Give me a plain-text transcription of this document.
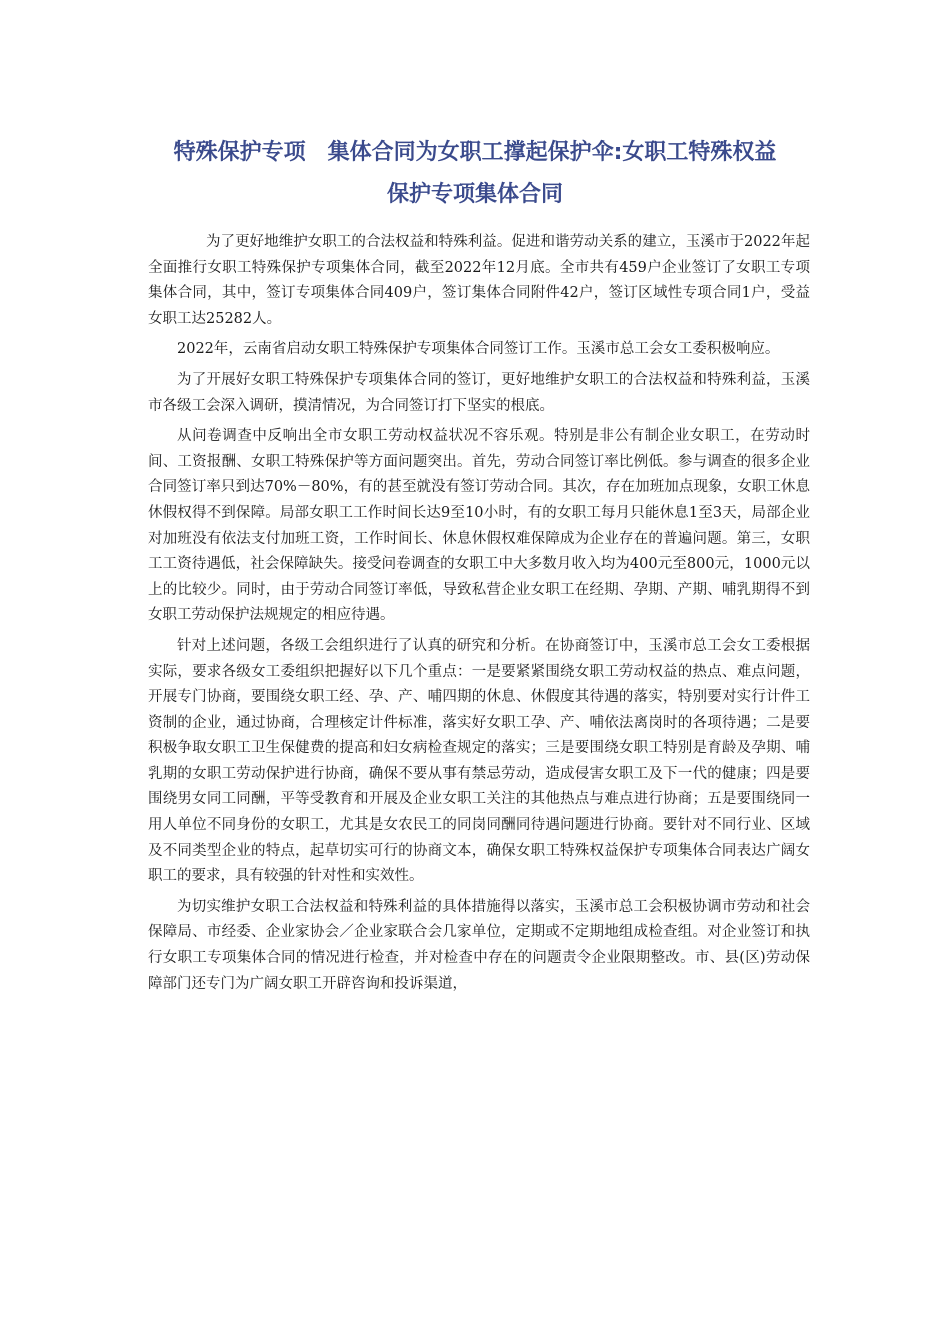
特殊保护专项　集体合同为女职工撑起保护伞:女职工特殊权益
保护专项集体合同

为了更好地维护女职工的合法权益和特殊利益。促进和谐劳动关系的建立，玉溪市于2022年起全面推行女职工特殊保护专项集体合同，截至2022年12月底。全市共有459户企业签订了女职工专项集体合同，其中，签订专项集体合同409户，签订集体合同附件42户，签订区域性专项合同1户，受益女职工达25282人。

2022年，云南省启动女职工特殊保护专项集体合同签订工作。玉溪市总工会女工委积极响应。

为了开展好女职工特殊保护专项集体合同的签订，更好地维护女职工的合法权益和特殊利益，玉溪市各级工会深入调研，摸清情况，为合同签订打下坚实的根底。

从问卷调查中反响出全市女职工劳动权益状况不容乐观。特别是非公有制企业女职工，在劳动时间、工资报酬、女职工特殊保护等方面问题突出。首先，劳动合同签订率比例低。参与调查的很多企业合同签订率只到达70%－80%，有的甚至就没有签订劳动合同。其次，存在加班加点现象，女职工休息休假权得不到保障。局部女职工工作时间长达9至10小时，有的女职工每月只能休息1至3天，局部企业对加班没有依法支付加班工资，工作时间长、休息休假权难保障成为企业存在的普遍问题。第三，女职工工资待遇低，社会保障缺失。接受问卷调查的女职工中大多数月收入均为400元至800元，1000元以上的比较少。同时，由于劳动合同签订率低，导致私营企业女职工在经期、孕期、产期、哺乳期得不到女职工劳动保护法规规定的相应待遇。

针对上述问题，各级工会组织进行了认真的研究和分析。在协商签订中，玉溪市总工会女工委根据实际，要求各级女工委组织把握好以下几个重点：一是要紧紧围绕女职工劳动权益的热点、难点问题，开展专门协商，要围绕女职工经、孕、产、哺四期的休息、休假度其待遇的落实，特别要对实行计件工资制的企业，通过协商，合理核定计件标准，落实好女职工孕、产、哺依法离岗时的各项待遇；二是要积极争取女职工卫生保健费的提高和妇女病检查规定的落实；三是要围绕女职工特别是育龄及孕期、哺乳期的女职工劳动保护进行协商，确保不要从事有禁忌劳动，造成侵害女职工及下一代的健康；四是要围绕男女同工同酬，平等受教育和开展及企业女职工关注的其他热点与难点进行协商；五是要围绕同一用人单位不同身份的女职工，尤其是女农民工的同岗同酬同待遇问题进行协商。要针对不同行业、区域及不同类型企业的特点，起草切实可行的协商文本，确保女职工特殊权益保护专项集体合同表达广阔女职工的要求，具有较强的针对性和实效性。

为切实维护女职工合法权益和特殊利益的具体措施得以落实，玉溪市总工会积极协调市劳动和社会保障局、市经委、企业家协会／企业家联合会几家单位，定期或不定期地组成检查组。对企业签订和执行女职工专项集体合同的情况进行检查，并对检查中存在的问题责令企业限期整改。市、县(区)劳动保障部门还专门为广阔女职工开辟咨询和投诉渠道，
